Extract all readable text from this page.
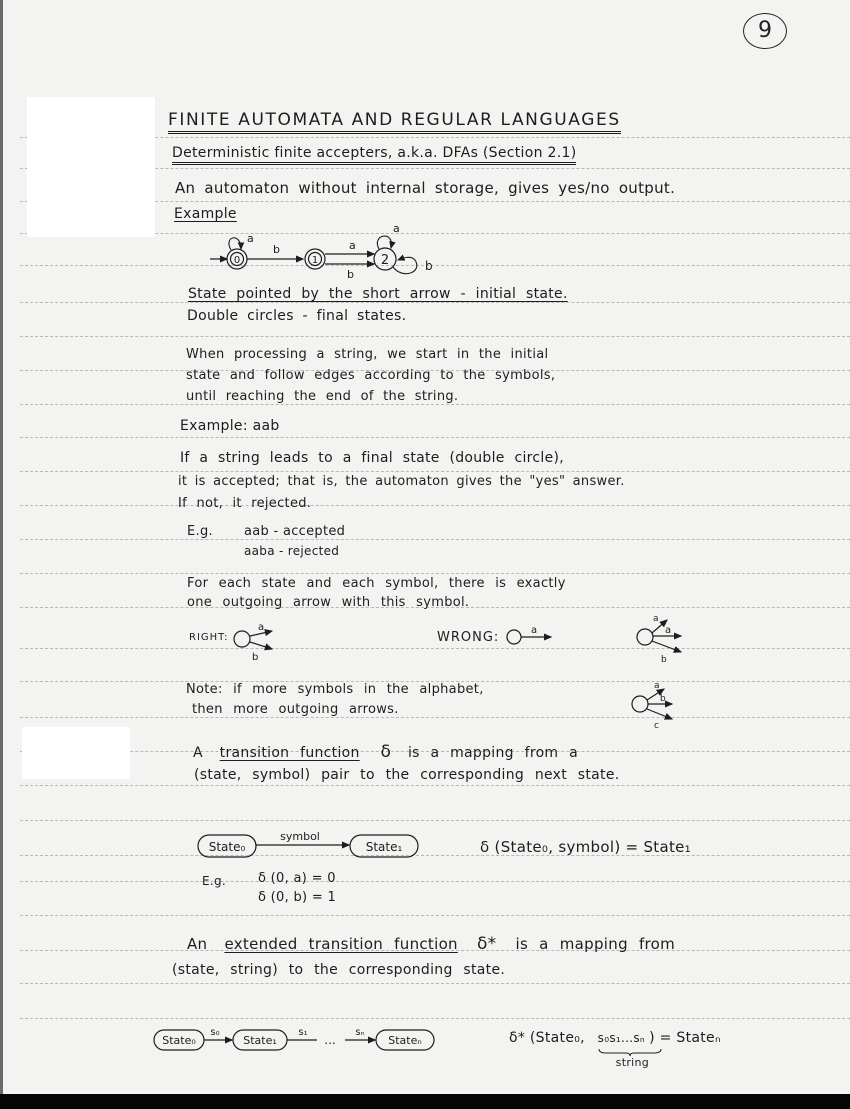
9
FINITE AUTOMATA AND REGULAR LANGUAGES
Deterministic finite accepters, a.k.a. DFAs (Section 2.1)
An automaton without internal storage, gives yes/no output.
Example
0
a
b
1
a
b
2
a
b
State pointed by the short arrow - initial state.
Double circles - final states.
When processing a string, we start in the initial
state and follow edges according to the symbols,
until reaching the end of the string.
Example: aab
If a string leads to a final state (double circle),
it is accepted; that is, the automaton gives the "yes" answer.
If not, it rejected.
E.g. aab - accepted
aaba - rejected
For each state and each symbol, there is exactly
one outgoing arrow with this symbol.
RIGHT:
a
b
WRONG:	a
a
a
b
Note: if more symbols in the alphabet,
then more outgoing arrows.
a
b
c
A transition function δ is a mapping from a
(state, symbol) pair to the corresponding next state.
State₀
symbol
State₁	δ (State₀, symbol) = State₁
E.g. δ (0, a) = 0
δ (0, b) = 1
An extended transition function δ* is a mapping from
(state, string) to the corresponding state.
State₀
s₀
State₁
s₁
...
sₙ
Stateₙ	δ* (State₀, s₀s₁...sₙ
string
) = Stateₙ
